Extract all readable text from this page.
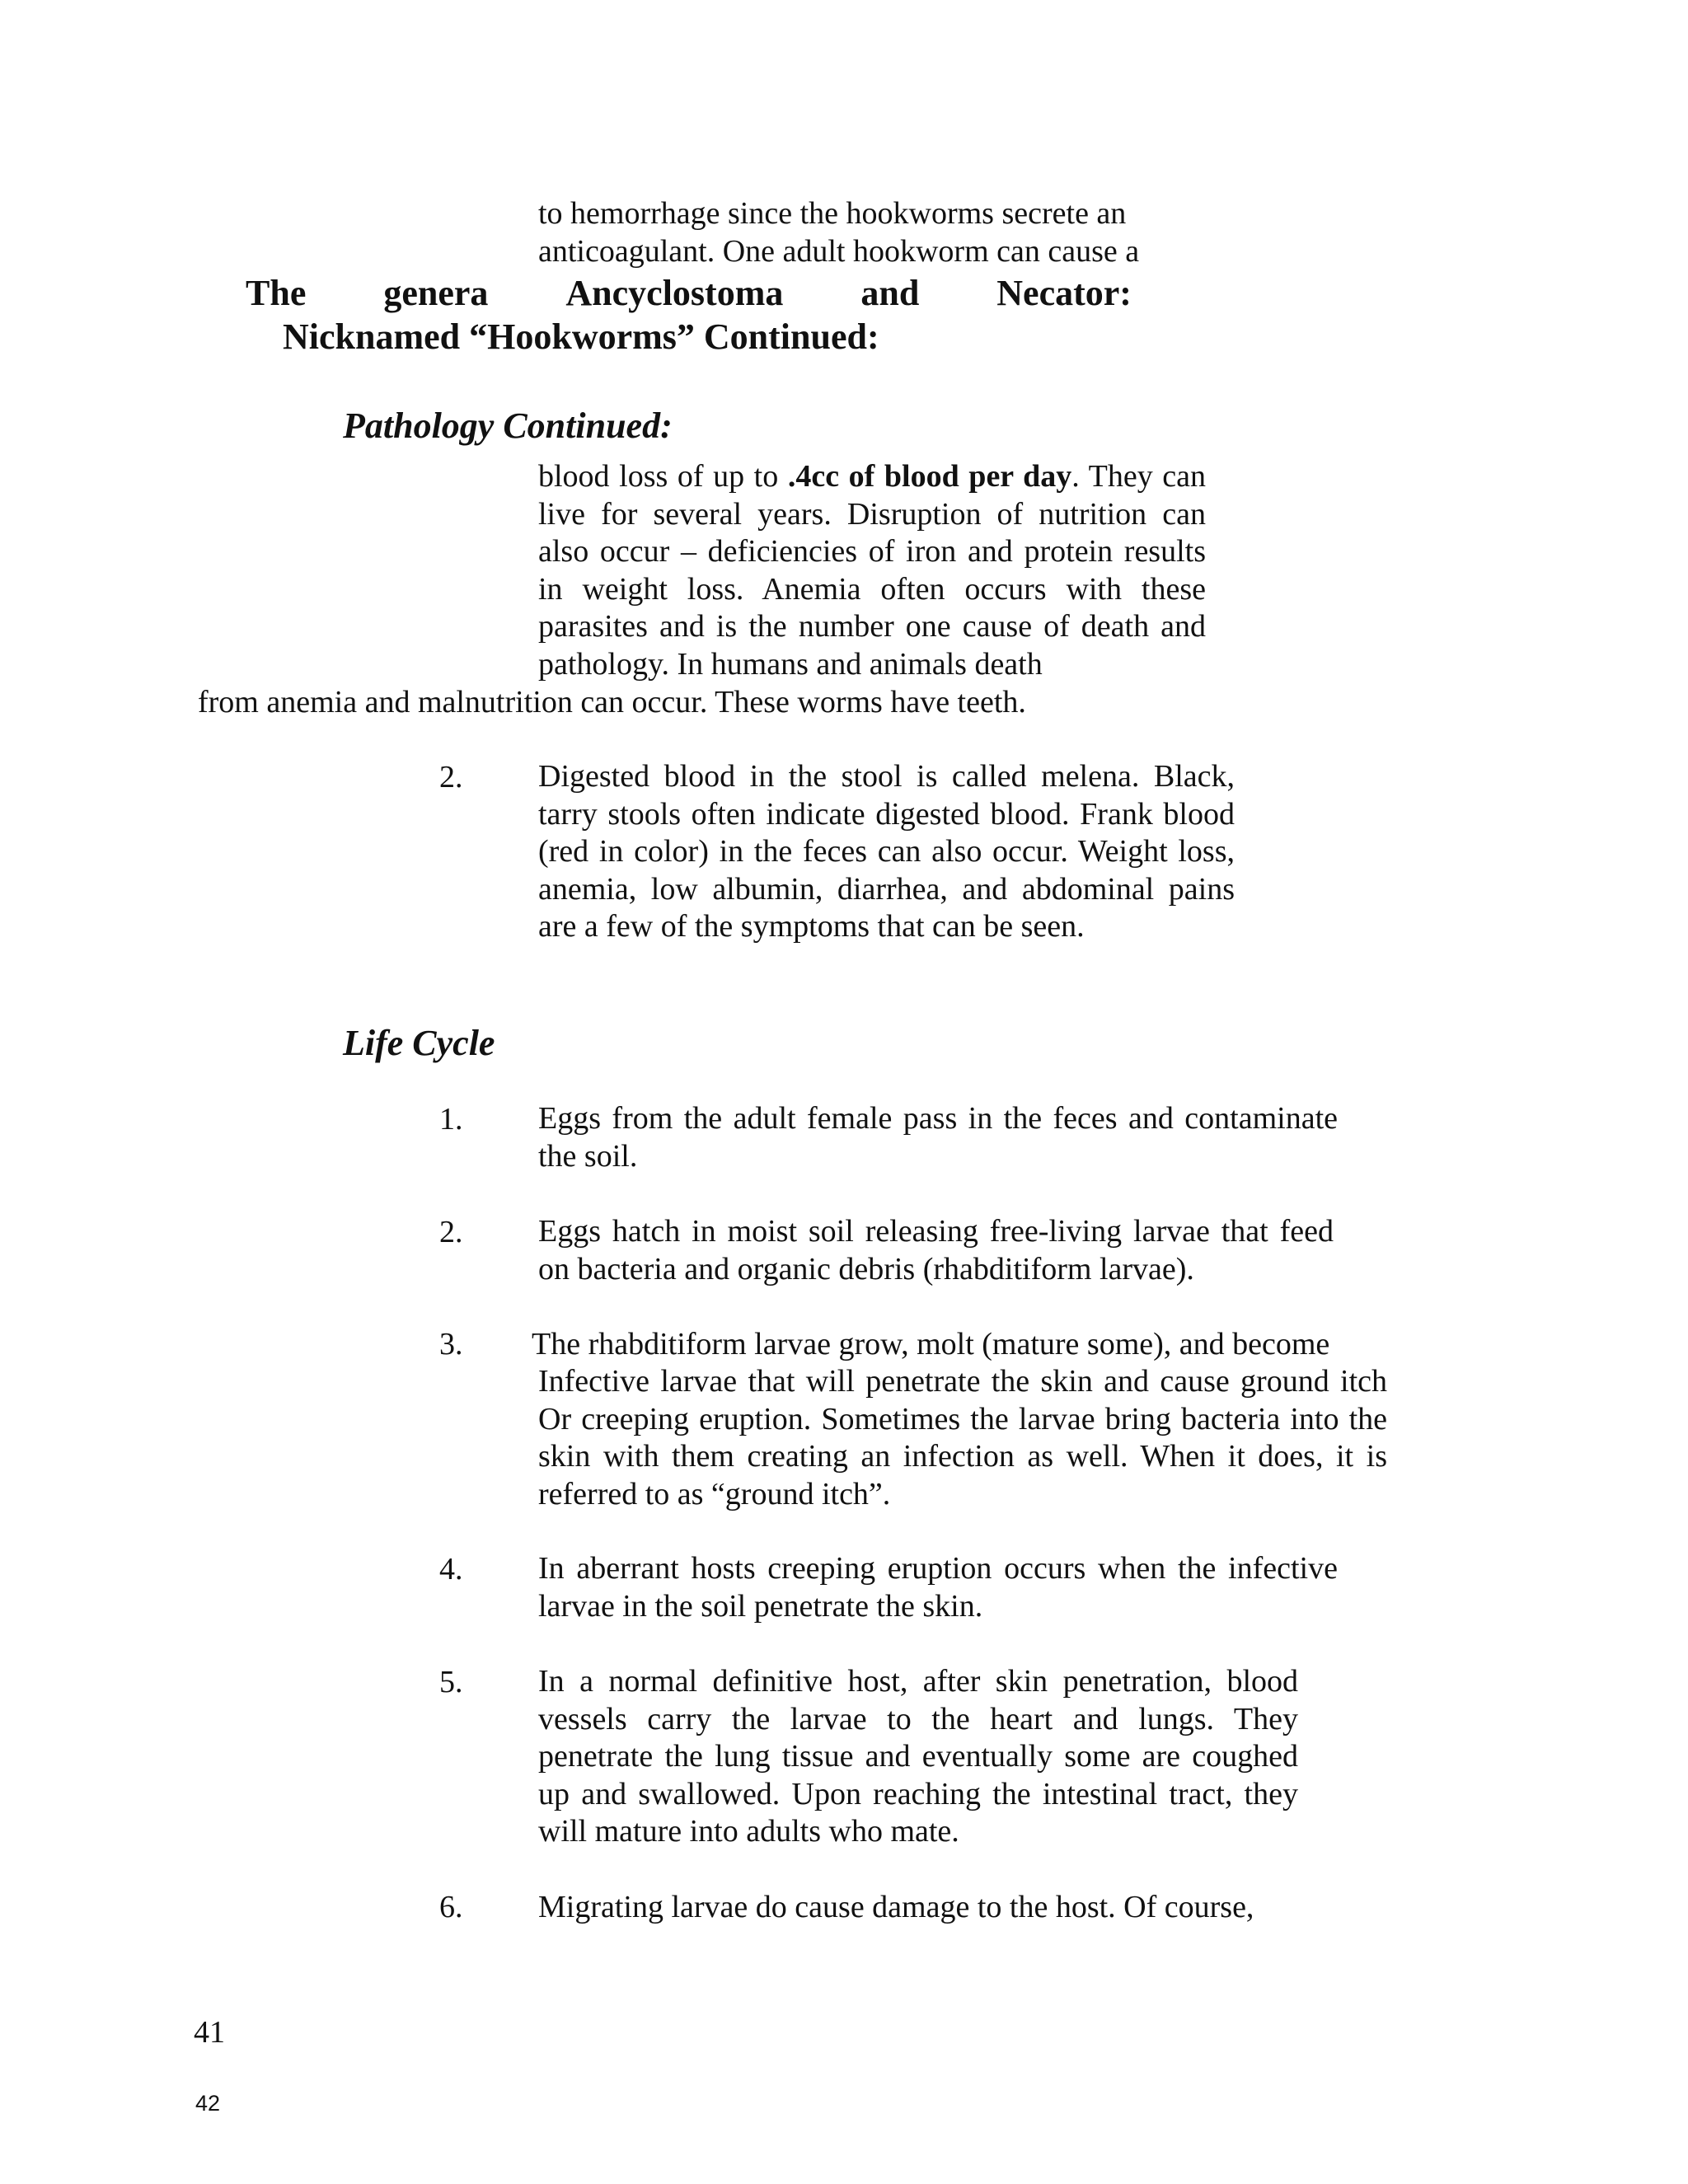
to hemorrhage since the hookworms secrete an
anticoagulant. One adult hookworm can cause a
The genera Ancyclostoma and Necator:
Nicknamed “Hookworms” Continued:
Pathology Continued:
blood loss of up to .4cc of blood per day. They can live for several years. Disruption of nutrition can also occur – deficiencies of iron and protein results in weight loss. Anemia often occurs with these parasites and is the number one cause of death and pathology. In humans and animals death
from anemia and malnutrition can occur. These worms have teeth.
2. Digested blood in the stool is called melena. Black, tarry stools often indicate digested blood. Frank blood (red in color) in the feces can also occur. Weight loss, anemia, low albumin, diarrhea, and abdominal pains are a few of the symptoms that can be seen.
Life Cycle
1. Eggs from the adult female pass in the feces and contaminate the soil.
2. Eggs hatch in moist soil releasing free-living larvae that feed on bacteria and organic debris (rhabditiform larvae).
3. The rhabditiform larvae grow, molt (mature some), and become
Infective larvae that will penetrate the skin and cause ground itch Or creeping eruption. Sometimes the larvae bring bacteria into the skin with them creating an infection as well. When it does, it is referred to as “ground itch”.
4. In aberrant hosts creeping eruption occurs when the infective larvae in the soil penetrate the skin.
5. In a normal definitive host, after skin penetration, blood vessels carry the larvae to the heart and lungs. They penetrate the lung tissue and eventually some are coughed up and swallowed. Upon reaching the intestinal tract, they will mature into adults who mate.
6. Migrating larvae do cause damage to the host. Of course,
41
42
